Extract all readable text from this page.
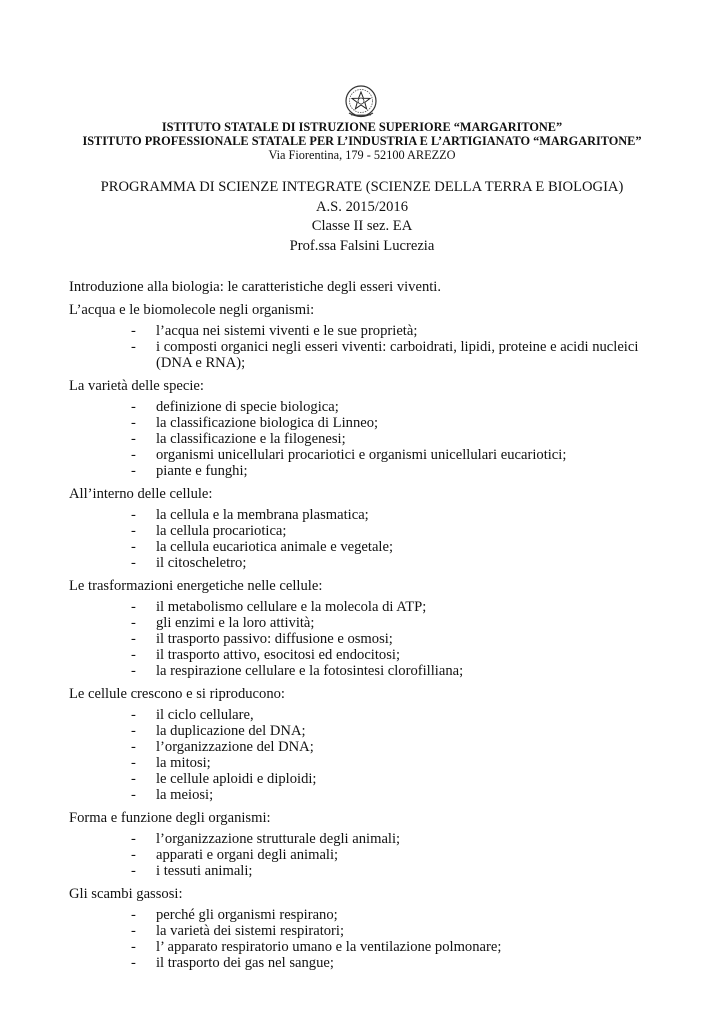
ISTITUTO STATALE DI ISTRUZIONE SUPERIORE “MARGARITONE”
ISTITUTO PROFESSIONALE STATALE PER L’INDUSTRIA E L’ARTIGIANATO “MARGARITONE”
Via Fiorentina, 179 - 52100 AREZZO
PROGRAMMA DI SCIENZE INTEGRATE (SCIENZE DELLA TERRA E BIOLOGIA)
A.S. 2015/2016
Classe II sez. EA
Prof.ssa Falsini Lucrezia
Introduzione alla biologia: le caratteristiche degli esseri viventi.
L’acqua e le biomolecole negli organismi:
- l’acqua nei sistemi viventi e le sue proprietà;
- i composti organici negli esseri viventi: carboidrati, lipidi, proteine e acidi nucleici (DNA e RNA);
La varietà delle specie:
- definizione di specie biologica;
- la classificazione biologica di Linneo;
- la classificazione e la filogenesi;
- organismi unicellulari procariotici e organismi unicellulari eucariotici;
- piante e funghi;
All’interno delle cellule:
- la cellula e la membrana plasmatica;
- la cellula procariotica;
- la cellula eucariotica animale e vegetale;
- il citoscheletro;
Le trasformazioni energetiche nelle cellule:
- il metabolismo cellulare e la molecola di ATP;
- gli enzimi e la loro attività;
- il trasporto passivo: diffusione e osmosi;
- il trasporto attivo, esocitosi ed endocitosi;
- la respirazione cellulare e la fotosintesi clorofilliana;
Le cellule crescono e si riproducono:
- il ciclo cellulare,
- la duplicazione del DNA;
- l’organizzazione del DNA;
- la mitosi;
- le cellule aploidi e diploidi;
- la meiosi;
Forma e funzione degli organismi:
- l’organizzazione strutturale degli animali;
- apparati e organi degli animali;
- i tessuti animali;
Gli scambi gassosi:
- perché gli organismi respirano;
- la varietà dei sistemi respiratori;
- l’ apparato respiratorio umano e la ventilazione polmonare;
- il trasporto dei gas nel sangue;
